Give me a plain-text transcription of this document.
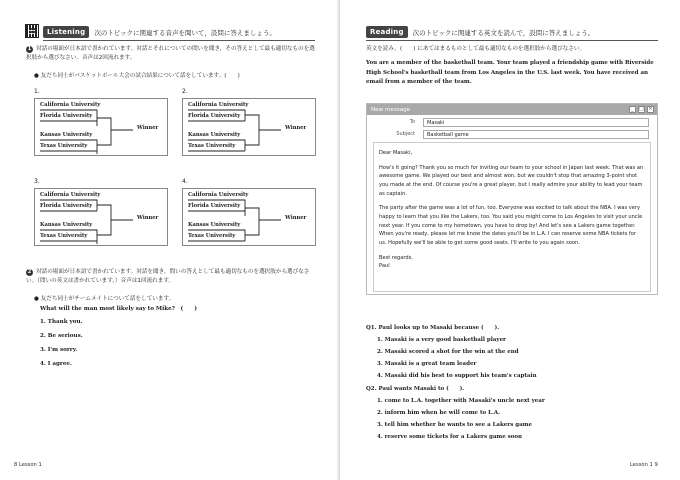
Listening	次のトピックに関連する音声を聞いて，設問に答えましょう。
1 対話の場面が日本語で書かれています。対話とそれについての問いを聞き，その答えとして最も適切なものを選択肢から選びなさい。音声は2回流れます。
● 友だち同士がバスケットボール大会の試合結果について話をしています。(　　)
1.
California University
Florida University
Kansas University
Texas University
Winner
2.
California University
Florida University
Kansas University
Texas University
Winner
3.
California University
Florida University
Kansas University
Texas University
Winner
4.
California University
Florida University
Kansas University
Texas University
Winner
2 対話の場面が日本語で書かれています。対話を聞き，問いの答えとして最も適切なものを選択肢から選びなさい。（問いの英文は書かれています。）音声は1回流れます。
● 友だち同士がチームメイトについて話をしています。
What will the man most likely say to Mike?　(　　)
1. Thank you.
2. Be serious.
3. I'm sorry.
4. I agree.
8 Lesson 1
Reading	次のトピックに関連する英文を読んで，設問に答えましょう。
英文を読み，(　　) にあてはまるものとして最も適切なものを選択肢から選びなさい。
You are a member of the basketball team. Your team played a friendship game with Riverside High School's basketball team from Los Angeles in the U.S. last week. You have received an email from a member of the team.
New message	_	□ ×
To	Masaki
Subject	Basketball game

Dear Masaki,

How's it going? Thank you so much for inviting our team to your school in Japan last week. That was an awesome game. We played our best and almost won, but we couldn't stop that amazing 3-point shot you made at the end. Of course you're a great player, but I really admire your ability to lead your team as captain.

The party after the game was a lot of fun, too. Everyone was excited to talk about the NBA. I was very happy to learn that you like the Lakers, too. You said you might come to Los Angeles to visit your uncle next year. If you come to my hometown, you have to drop by! And let's see a Lakers game together. When you're ready, please let me know the dates you'll be in L.A. I can reserve some NBA tickets for us. Hopefully we'll be able to get some good seats. I'll write to you again soon.

Best regards,
Paul
Q1. Paul looks up to Masaki because (　　).
1. Masaki is a very good basketball player
2. Masaki scored a shot for the win at the end
3. Masaki is a great team leader
4. Masaki did his best to support his team's captain
Q2. Paul wants Masaki to (　　).
1. come to L.A. together with Masaki's uncle next year
2. inform him when he will come to L.A.
3. tell him whether he wants to see a Lakers game
4. reserve some tickets for a Lakers game soon
Lesson 1 9
